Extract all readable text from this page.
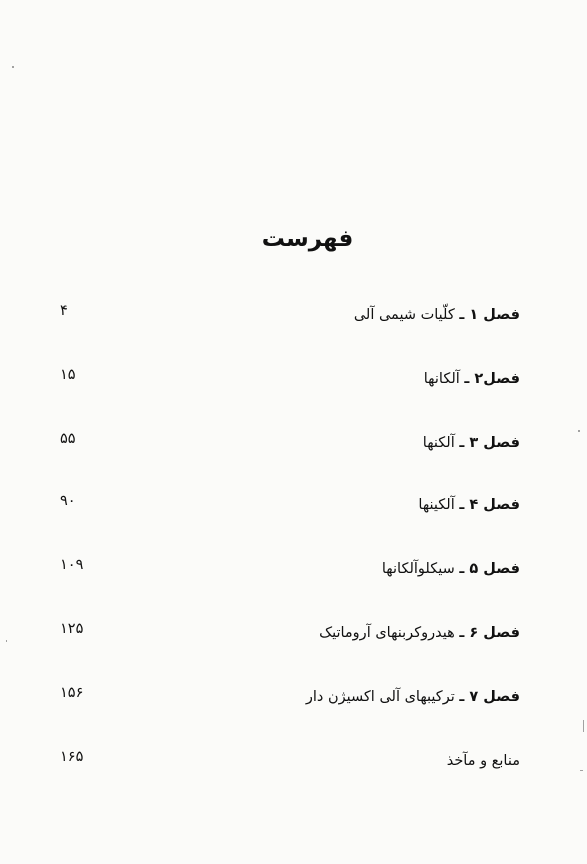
فهرست
فصل ۱ ـ کلّیات شیمی آلی
۴
فصل۲ ـ آلکانها
۱۵
فصل ۳ ـ آلکنها
۵۵
فصل ۴ ـ آلکینها
۹۰
فصل ۵ ـ سیکلوآلکانها
۱۰۹
فصل ۶ ـ هیدروکربنهای آروماتیک
۱۲۵
فصل ۷ ـ ترکیبهای آلی اکسیژن دار
۱۵۶
منابع و مآخذ
۱۶۵
